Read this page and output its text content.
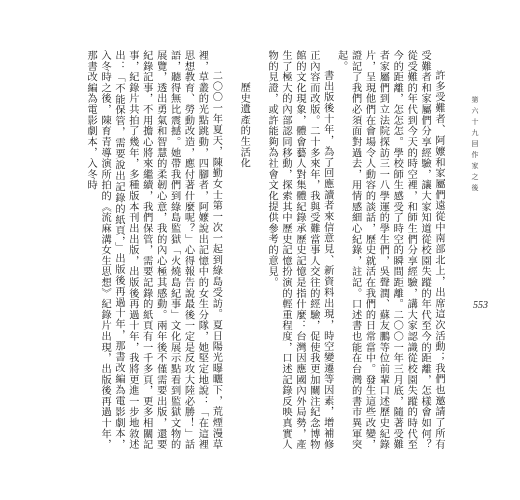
第六十九回作家之後
553

許多受難者、阿嬤和家屬們遠從中南部北上，出席這次活動；我們也邀請了所有受難者和家屬們分享經驗，讓大家知道從校園失蹤的年代至今的距離，怎樣會如何？從受難的年代到今天的時空裡，和師生們分享經驗，講大家認識從校園失蹤的時代至今的距離，怎怎怎。學校師生感受了時空的瞬間距離。二〇〇一年三月底，隨著受難者家屬們到立法院探訪三一八學運的學生們，吳聲潤、蘇友鵬等位前輩口述歷史紀錄片，呈現他們在會場令人動容的談話，歷史就活在我們的日常當中。發生這些改變，證記了我們必須面對過去，用情感細心紀錄，註記。口述書也能在台灣的書市異軍突起。

書出版後十年，為了回應讀者來信意見、新資料出現，時空變遷等因素，增補修正內容而改版。二十多來年，我與受難當事人交往的經驗，促使我更加關注紀念博物館的文化現象，體會藝人對集體紀錄承歷史記憶是指什麼：台灣因應國內外局勢，產生了極大的內部認同移動，探索其中歷史記憶扮演的輕重程度，口述記錄反映真實人物的見證，或許能夠為社會文化提供參考的意見。

歷史遺產的生活化

二〇〇一年夏天，陳勤女士第一次一起到綠島受訪。夏日陽光曝曬下，荒煙漫草裡，草叢的光點跳動，四腳者，阿嬤說出記憶中的女生分隊，她堅定地說：「在這裡思想教育、勞動改造，應付著什麼呢？」心得報告說最後一定是反攻大陸必勝！」話語，聽得無比震撼。她帶我們到綠島監獄「火燒島紀事」文化展示點看到監獄文物的展覽，透出勇氣和智慧的柔韌心意，我的內心極其感動。兩年後不僅需要出版，還要紀錄記事，不用擔心將來繼續，我們保管，需要記錄的紙頁有一千多頁，更多相關記事，紀錄片共拍了幾年，多種版本刊出出版，出版後再過十年，我將更進一步地敘述出：「不能保管，需要說出記錄的紙頁，」出版後再過十年，那書改編為電影劇本，入冬時之後，陳育青導演所拍的《流麻溝女生思想》紀錄片出現，出版後再過十年，那書改編為電影劇本，入冬時
